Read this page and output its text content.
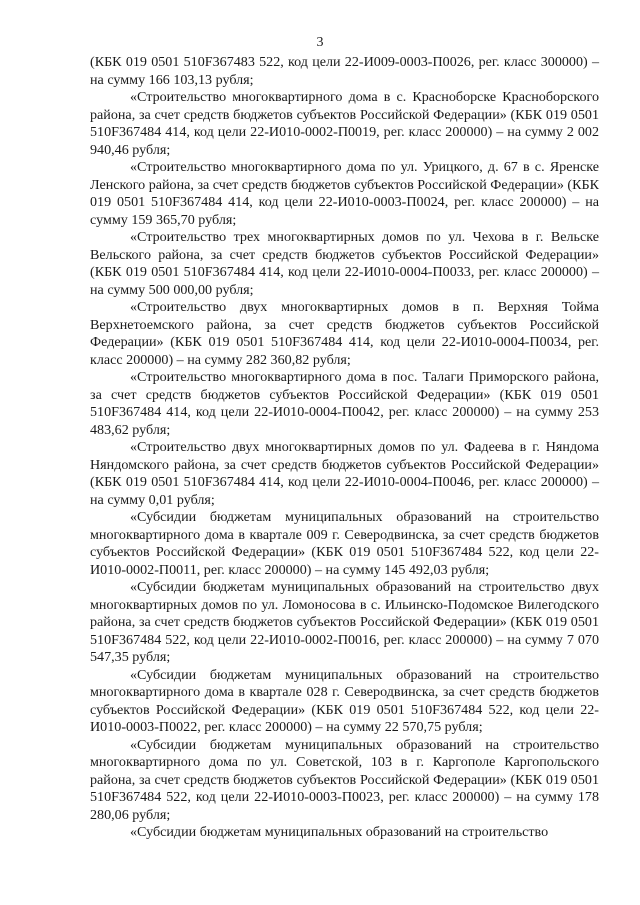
3

(КБК 019 0501 510F367483 522, код цели 22-И009-0003-П0026, рег. класс 300000) – на сумму 166 103,13 рубля;

«Строительство многоквартирного дома в с. Красноборске Красноборского района, за счет средств бюджетов субъектов Российской Федерации» (КБК 019 0501 510F367484 414, код цели 22-И010-0002-П0019, рег. класс 200000) – на сумму 2 002 940,46 рубля;

«Строительство многоквартирного дома по ул. Урицкого, д. 67 в с. Яренске Ленского района, за счет средств бюджетов субъектов Российской Федерации» (КБК 019 0501 510F367484 414, код цели 22-И010-0003-П0024, рег. класс 200000) – на сумму 159 365,70 рубля;

«Строительство трех многоквартирных домов по ул. Чехова в г. Вельске Вельского района, за счет средств бюджетов субъектов Российской Федерации» (КБК 019 0501 510F367484 414, код цели 22-И010-0004-П0033, рег. класс 200000) – на сумму 500 000,00 рубля;

«Строительство двух многоквартирных домов в п. Верхняя Тойма Верхнетоемского района, за счет средств бюджетов субъектов Российской Федерации» (КБК 019 0501 510F367484 414, код цели 22-И010-0004-П0034, рег. класс 200000) – на сумму 282 360,82 рубля;

«Строительство многоквартирного дома в пос. Талаги Приморского района, за счет средств бюджетов субъектов Российской Федерации» (КБК 019 0501 510F367484 414, код цели 22-И010-0004-П0042, рег. класс 200000) – на сумму 253 483,62 рубля;

«Строительство двух многоквартирных домов по ул. Фадеева в г. Няндома Няндомского района, за счет средств бюджетов субъектов Российской Федерации» (КБК 019 0501 510F367484 414, код цели 22-И010-0004-П0046, рег. класс 200000) – на сумму 0,01 рубля;

«Субсидии бюджетам муниципальных образований на строительство многоквартирного дома в квартале 009 г. Северодвинска, за счет средств бюджетов субъектов Российской Федерации» (КБК 019 0501 510F367484 522, код цели 22-И010-0002-П0011, рег. класс 200000) – на сумму 145 492,03 рубля;

«Субсидии бюджетам муниципальных образований на строительство двух многоквартирных домов по ул. Ломоносова в с. Ильинско-Подомское Вилегодского района, за счет средств бюджетов субъектов Российской Федерации» (КБК 019 0501 510F367484 522, код цели 22-И010-0002-П0016, рег. класс 200000) – на сумму 7 070 547,35 рубля;

«Субсидии бюджетам муниципальных образований на строительство многоквартирного дома в квартале 028 г. Северодвинска, за счет средств бюджетов субъектов Российской Федерации» (КБК 019 0501 510F367484 522, код цели 22-И010-0003-П0022, рег. класс 200000) – на сумму 22 570,75 рубля;

«Субсидии бюджетам муниципальных образований на строительство многоквартирного дома по ул. Советской, 103 в г. Каргополе Каргопольского района, за счет средств бюджетов субъектов Российской Федерации» (КБК 019 0501 510F367484 522, код цели 22-И010-0003-П0023, рег. класс 200000) – на сумму 178 280,06 рубля;

«Субсидии бюджетам муниципальных образований на строительство
